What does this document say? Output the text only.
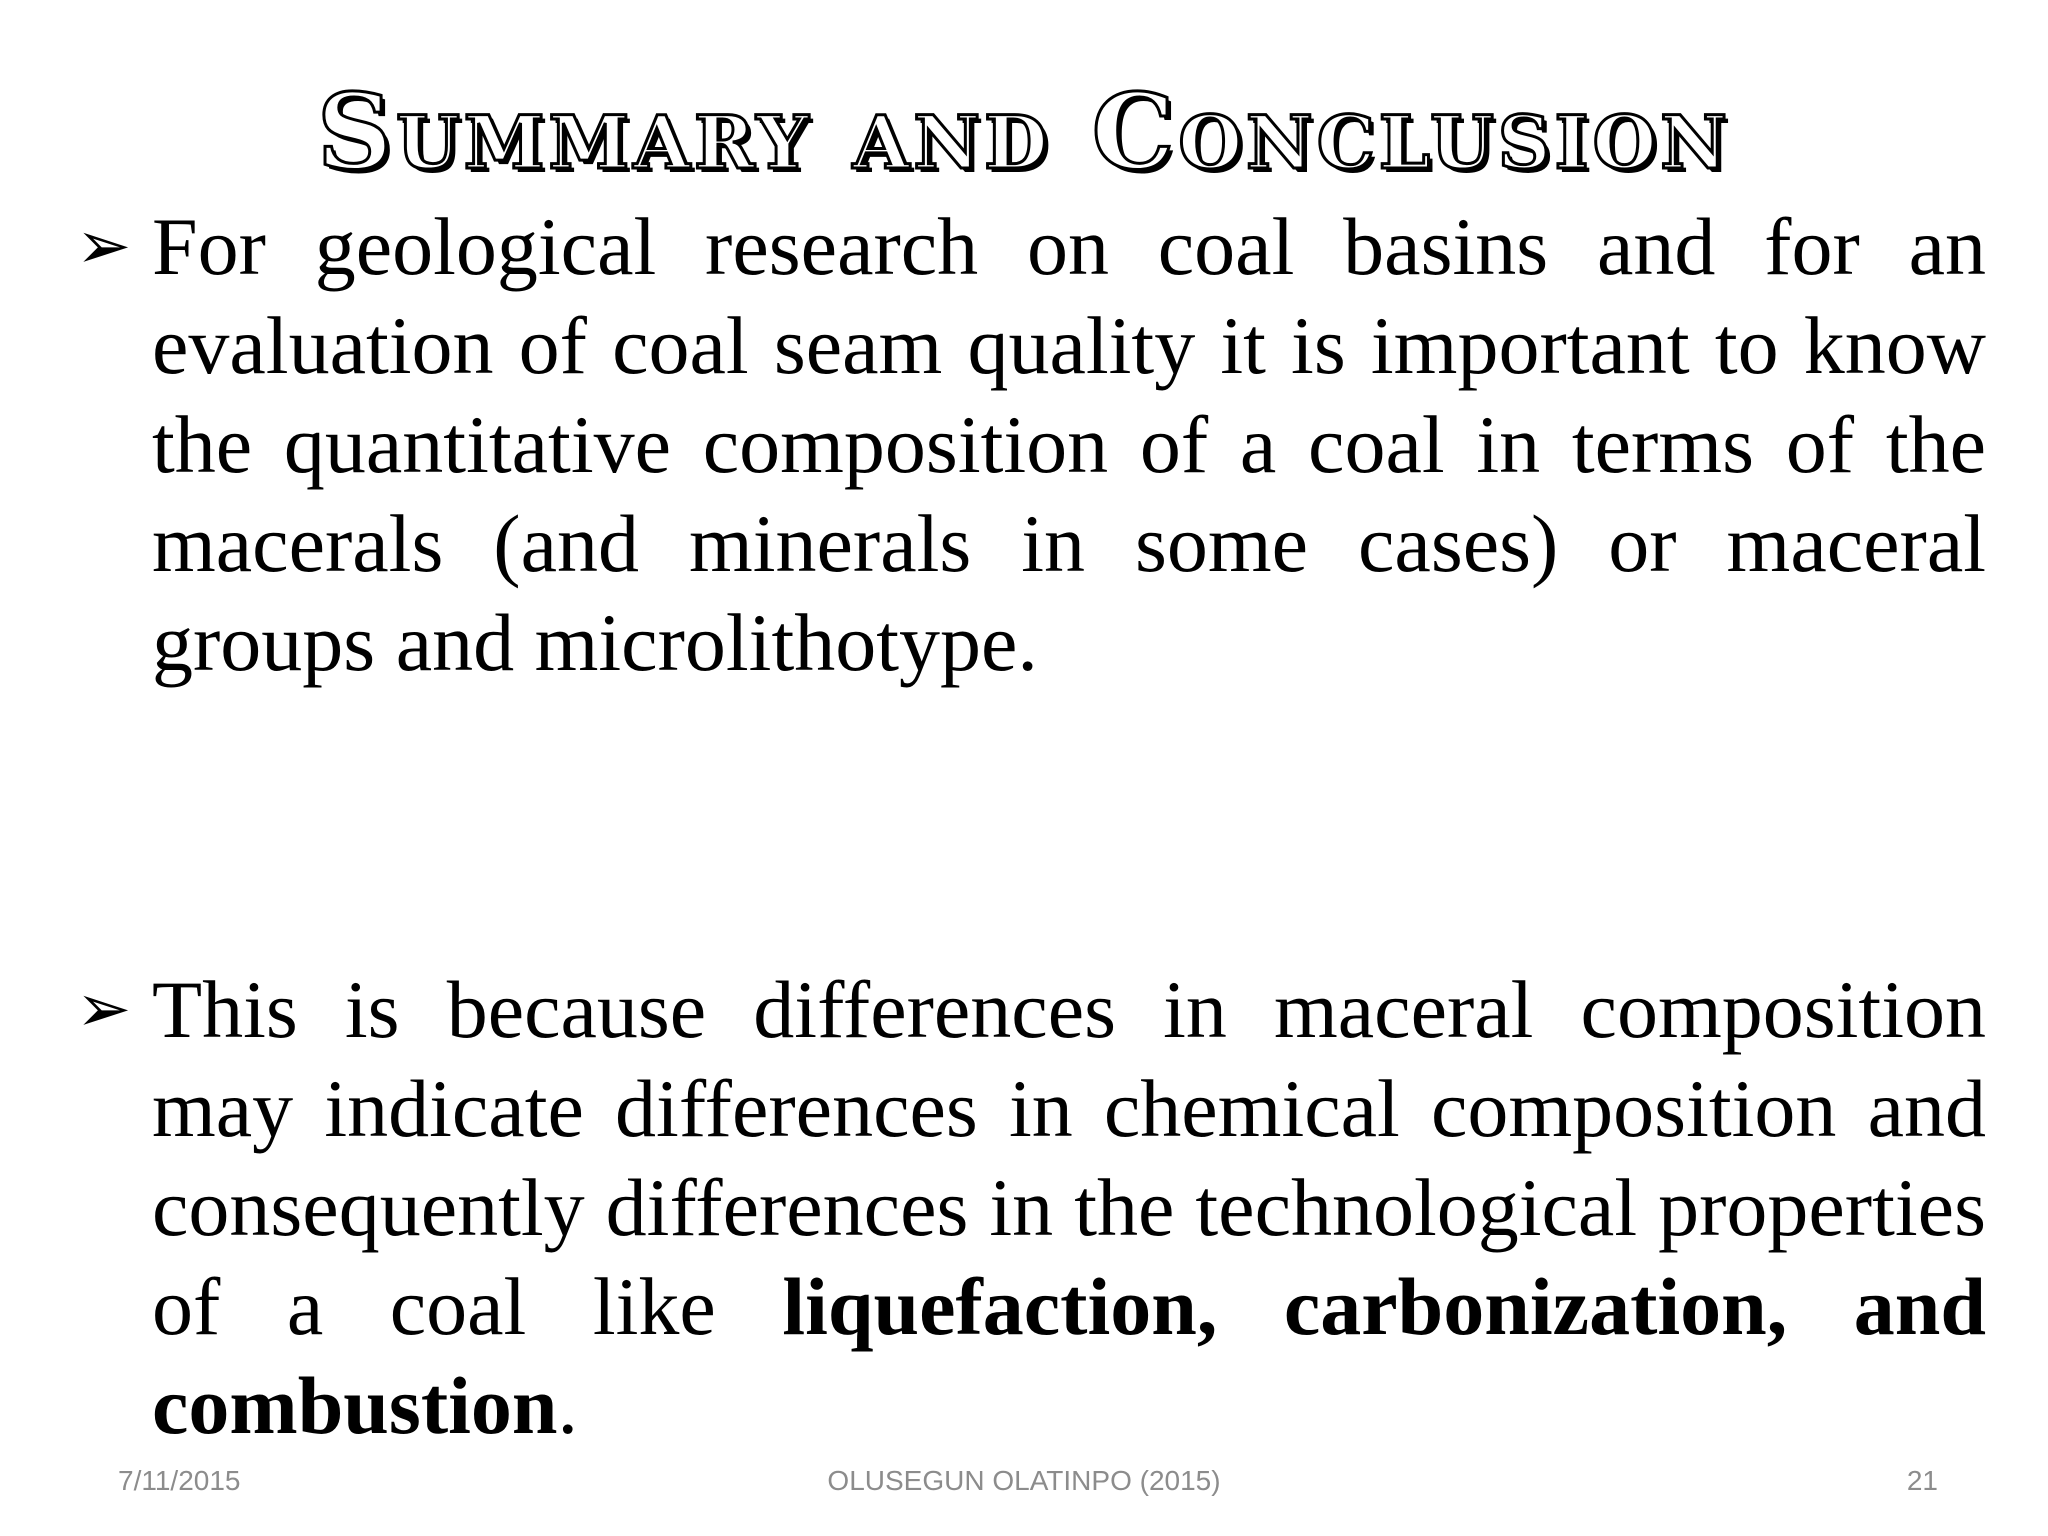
Summary and Conclusion
➢ For geological research on coal basins and for an evaluation of coal seam quality it is important to know the quantitative composition of a coal in terms of the macerals (and minerals in some cases) or maceral groups and microlithotype.
➢ This is because differences in maceral composition may indicate differences in chemical composition and consequently differences in the technological properties of a coal like liquefaction, carbonization, and combustion.
7/11/2015	OLUSEGUN OLATINPO (2015)	21
